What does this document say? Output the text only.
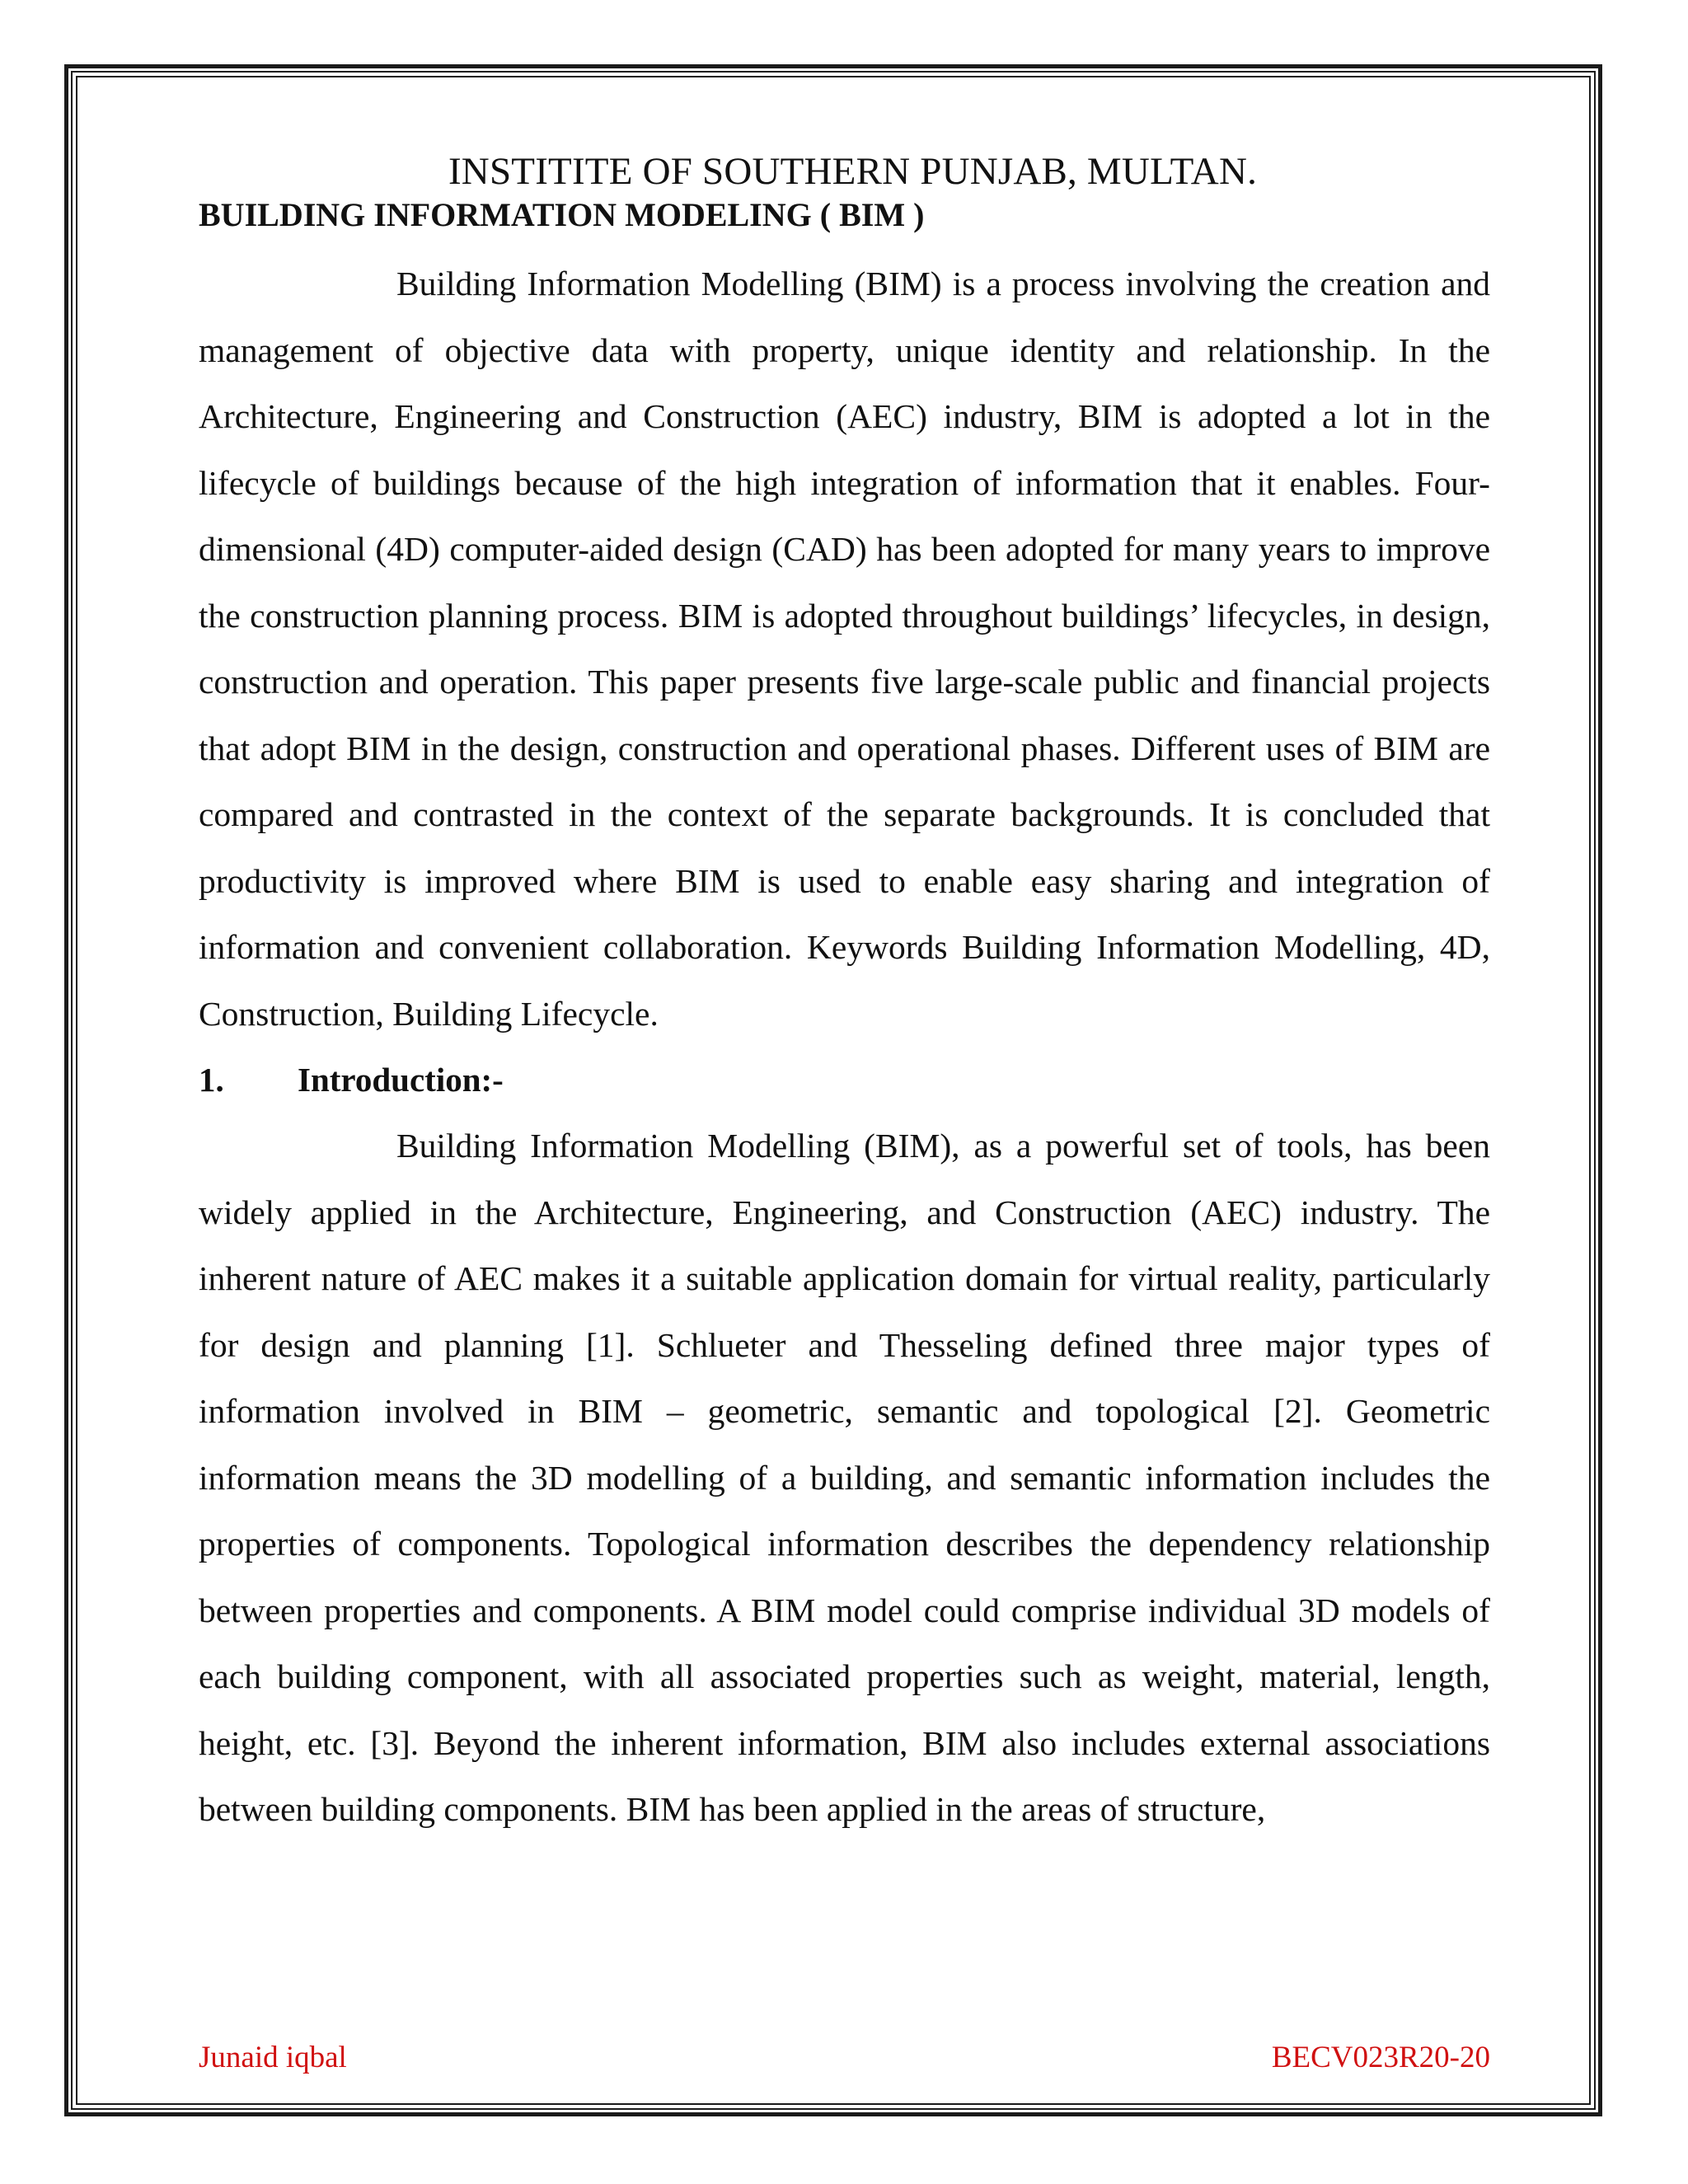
INSTITITE OF SOUTHERN PUNJAB, MULTAN.
BUILDING INFORMATION MODELING ( BIM )

Building Information Modelling (BIM) is a process involving the creation and management of objective data with property, unique identity and relationship. In the Architecture, Engineering and Construction (AEC) industry, BIM is adopted a lot in the lifecycle of buildings because of the high integration of information that it enables. Four-dimensional (4D) computer-aided design (CAD) has been adopted for many years to improve the construction planning process. BIM is adopted throughout buildings’ lifecycles, in design, construction and operation. This paper presents five large-scale public and financial projects that adopt BIM in the design, construction and operational phases. Different uses of BIM are compared and contrasted in the context of the separate backgrounds. It is concluded that productivity is improved where BIM is used to enable easy sharing and integration of information and convenient collaboration. Keywords Building Information Modelling, 4D, Construction, Building Lifecycle.

1. Introduction:-

Building Information Modelling (BIM), as a powerful set of tools, has been widely applied in the Architecture, Engineering, and Construction (AEC) industry. The inherent nature of AEC makes it a suitable application domain for virtual reality, particularly for design and planning [1]. Schlueter and Thesseling defined three major types of information involved in BIM – geometric, semantic and topological [2]. Geometric information means the 3D modelling of a building, and semantic information includes the properties of components. Topological information describes the dependency relationship between properties and components. A BIM model could comprise individual 3D models of each building component, with all associated properties such as weight, material, length, height, etc. [3]. Beyond the inherent information, BIM also includes external associations between building components. BIM has been applied in the areas of structure,

Junaid iqbal	BECV023R20-20
